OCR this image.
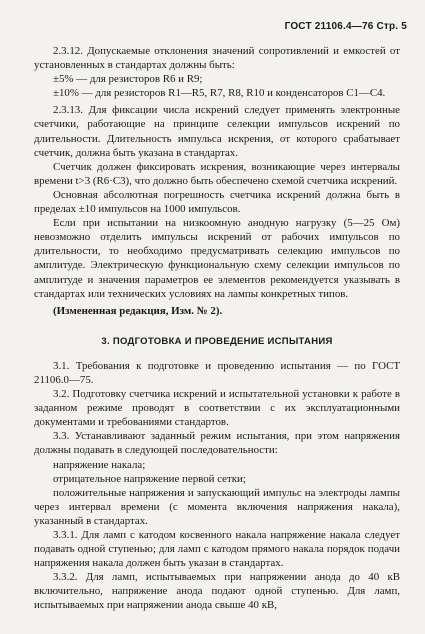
ГОСТ 21106.4—76 Стр. 5

2.3.12. Допускаемые отклонения значений сопротивлений и емкостей от установленных в стандартах должны быть:

±5% — для резисторов R6 и R9;

±10% — для резисторов R1—R5, R7, R8, R10 и конденсаторов C1—C4.

2.3.13. Для фиксации числа искрений следует применять электронные счетчики, работающие на принципе селекции импульсов искрений по длительности. Длительность импульса искрения, от которого срабатывает счетчик, должна быть указана в стандартах.

Счетчик должен фиксировать искрения, возникающие через интервалы времени t>3 (R6·C3), что должно быть обеспечено схемой счетчика искрений.

Основная абсолютная погрешность счетчика искрений должна быть в пределах ±10 импульсов на 1000 импульсов.

Если при испытании на низкоомную анодную нагрузку (5—25 Ом) невозможно отделить импульсы искрений от рабочих импульсов по длительности, то необходимо предусматривать селекцию импульсов по амплитуде. Электрическую функциональную схему селекции импульсов по амплитуде и значения параметров ее элементов рекомендуется указывать в стандартах или технических условиях на лампы конкретных типов.

(Измененная редакция, Изм. № 2).

3. ПОДГОТОВКА И ПРОВЕДЕНИЕ ИСПЫТАНИЯ

3.1. Требования к подготовке и проведению испытания — по ГОСТ 21106.0—75.

3.2. Подготовку счетчика искрений и испытательной установки к работе в заданном режиме проводят в соответствии с их эксплуатационными документами и требованиями стандартов.

3.3. Устанавливают заданный режим испытания, при этом напряжения должны подавать в следующей последовательности:

напряжение накала;

отрицательное напряжение первой сетки;

положительные напряжения и запускающий импульс на электроды лампы через интервал времени (с момента включения напряжения накала), указанный в стандартах.

3.3.1. Для ламп с катодом косвенного накала напряжение накала следует подавать одной ступенью; для ламп с катодом прямого накала порядок подачи напряжения накала должен быть указан в стандартах.

3.3.2. Для ламп, испытываемых при напряжении анода до 40 кВ включительно, напряжение анода подают одной ступенью. Для ламп, испытываемых при напряжении анода свыше 40 кВ,
